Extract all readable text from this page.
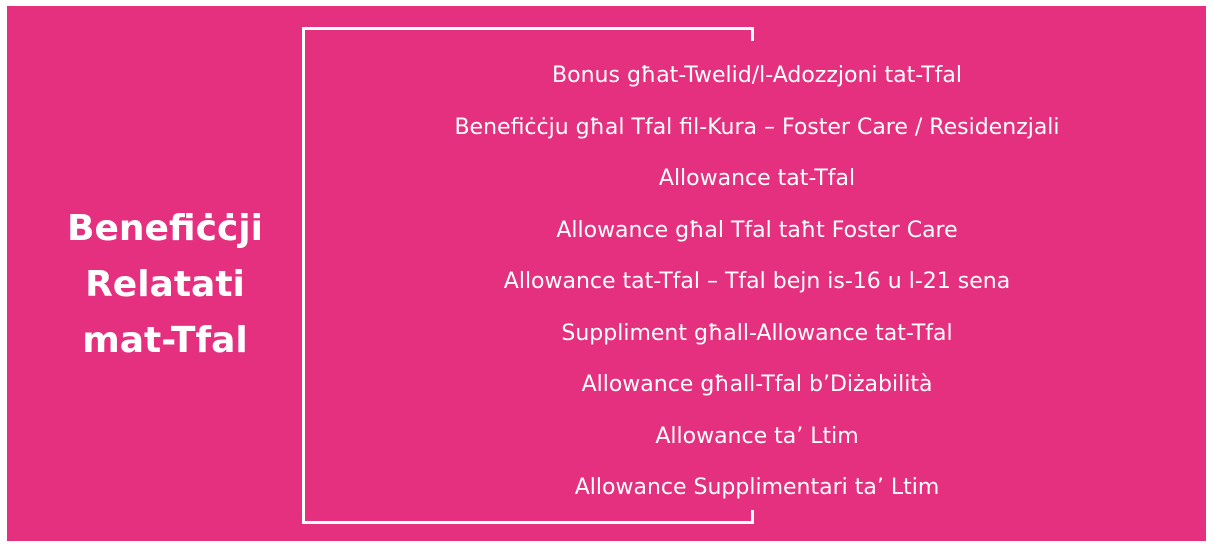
Benefiċċji
Relatati
mat-Tfal
Bonus għat-Twelid/l-Adozzjoni tat-Tfal
Benefiċċju għal Tfal fil-Kura – Foster Care / Residenzjali
Allowance tat-Tfal
Allowance għal Tfal taħt Foster Care
Allowance tat-Tfal – Tfal bejn is-16 u l-21 sena
Suppliment għall-Allowance tat-Tfal
Allowance għall-Tfal b’Diżabilità
Allowance ta’ Ltim
Allowance Supplimentari ta’ Ltim
